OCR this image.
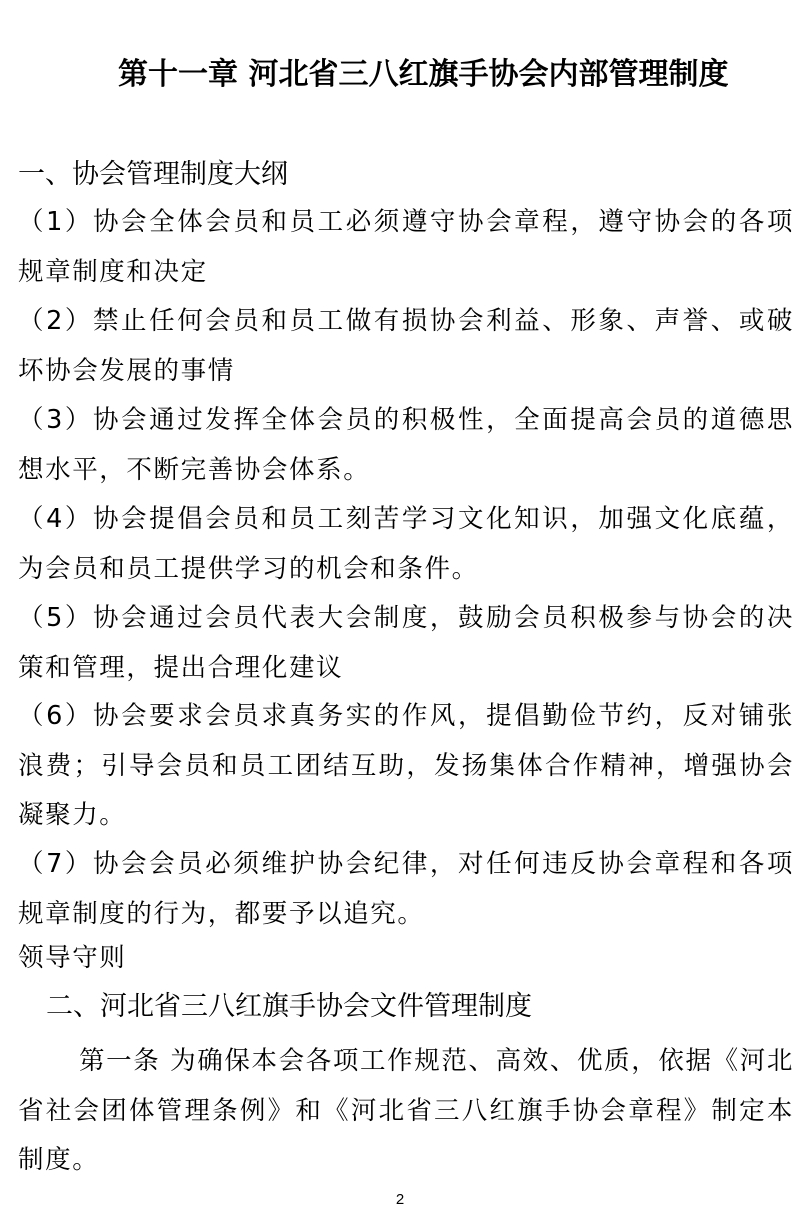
第十一章 河北省三八红旗手协会内部管理制度
一、协会管理制度大纲

（1）协会全体会员和员工必须遵守协会章程，遵守协会的各项规章制度和决定

（2）禁止任何会员和员工做有损协会利益、形象、声誉、或破坏协会发展的事情

（3）协会通过发挥全体会员的积极性，全面提高会员的道德思想水平，不断完善协会体系。

（4）协会提倡会员和员工刻苦学习文化知识，加强文化底蕴，为会员和员工提供学习的机会和条件。

（5）协会通过会员代表大会制度，鼓励会员积极参与协会的决策和管理，提出合理化建议

（6）协会要求会员求真务实的作风，提倡勤俭节约，反对铺张浪费；引导会员和员工团结互助，发扬集体合作精神，增强协会凝聚力。

（7）协会会员必须维护协会纪律，对任何违反协会章程和各项规章制度的行为，都要予以追究。

领导守则

二、河北省三八红旗手协会文件管理制度

第一条 为确保本会各项工作规范、高效、优质，依据《河北省社会团体管理条例》和《河北省三八红旗手协会章程》制定本制度。

2
